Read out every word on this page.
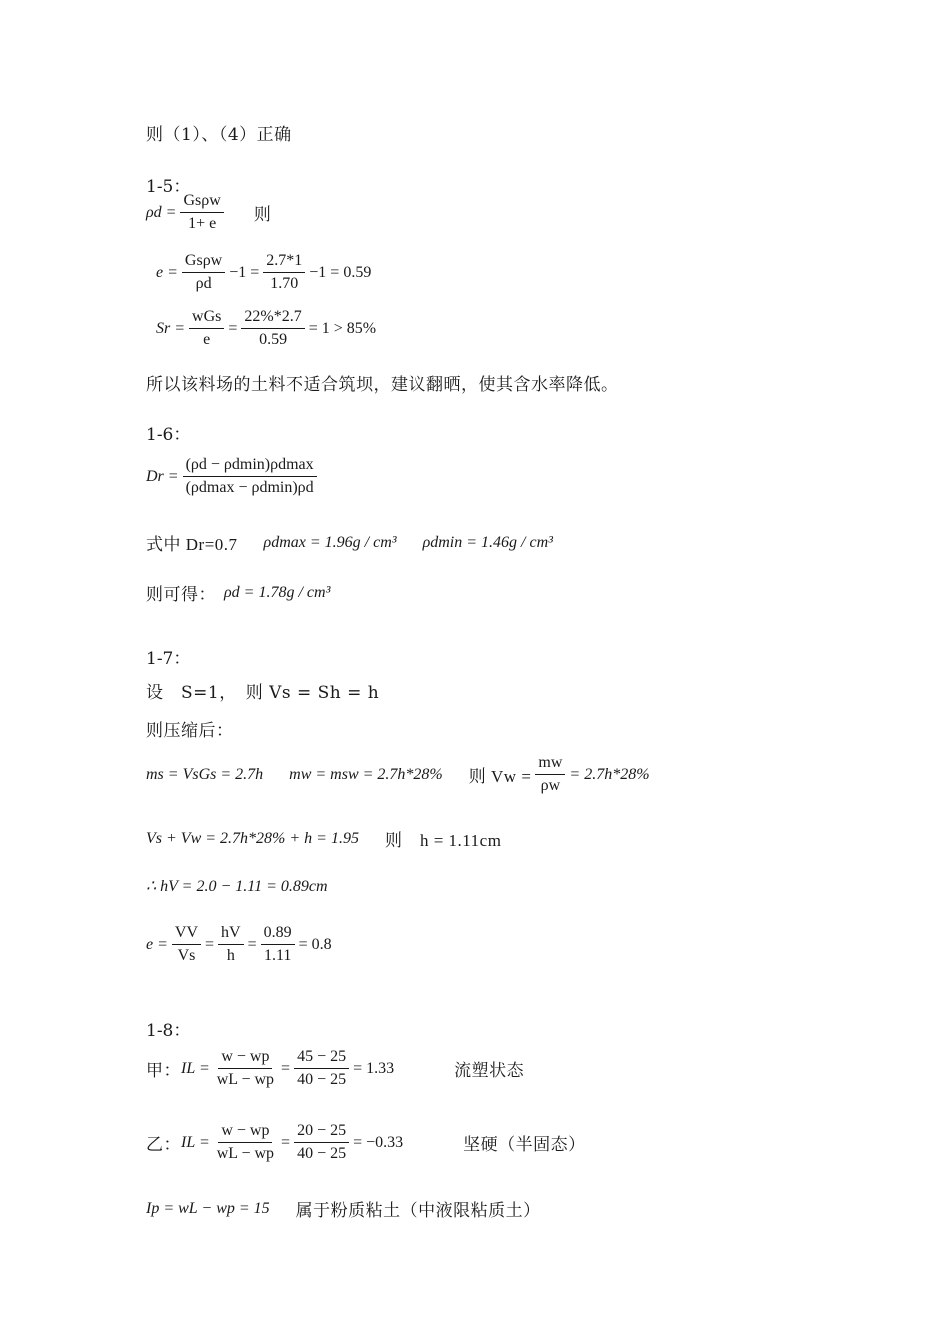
则（1）、（4）正确
1-5：
$\rho d = \frac{\text{Gsρw}}{1+ e}$ 则
$e = \frac{\text{Gsρw}}{\rho d} -1 = \frac{2.7*1}{1.70} -1 = 0.59$
$Sr = \frac{\text{wGs}}{e} = \frac{22\%*2.7}{0.59} = 1 > 85\%$
所以该料场的土料不适合筑坝，建议翻晒，使其含水率降低。
1-6：
$Dr = \frac{(\rho d - \rho dmin)\rho dmax}{(\rho dmax - \rho dmin)\rho d}$
式中 Dr=0.7 ρdmax = 1.96g / cm³ ρdmin = 1.46g / cm³
则可得： ρd = 1.78g / cm³
1-7：
设　S=1，　则 Vs = Sh = h
则压缩后：
ms = VsGs = 2.7h mw = msw = 2.7h*28% 则 $Vw = \frac{mw}{\rho w} = 2.7h*28\%$
Vs + Vw = 2.7h*28% + h = 1.95 则　h = 1.11cm
∴ hV = 2.0 − 1.11 = 0.89cm
$e = \frac{VV}{Vs} = \frac{hV}{h} = \frac{0.89}{1.11} = 0.8$
1-8：
甲： IL = $\frac{w - wp}{wL - wp} = \frac{45 - 25}{40 - 25} = 1.33$	流塑状态
乙： IL = $\frac{w - wp}{wL - wp} = \frac{20 - 25}{40 - 25} = -0.33$	坚硬（半固态）
Ip = wL − wp = 15 属于粉质粘土（中液限粘质土）
